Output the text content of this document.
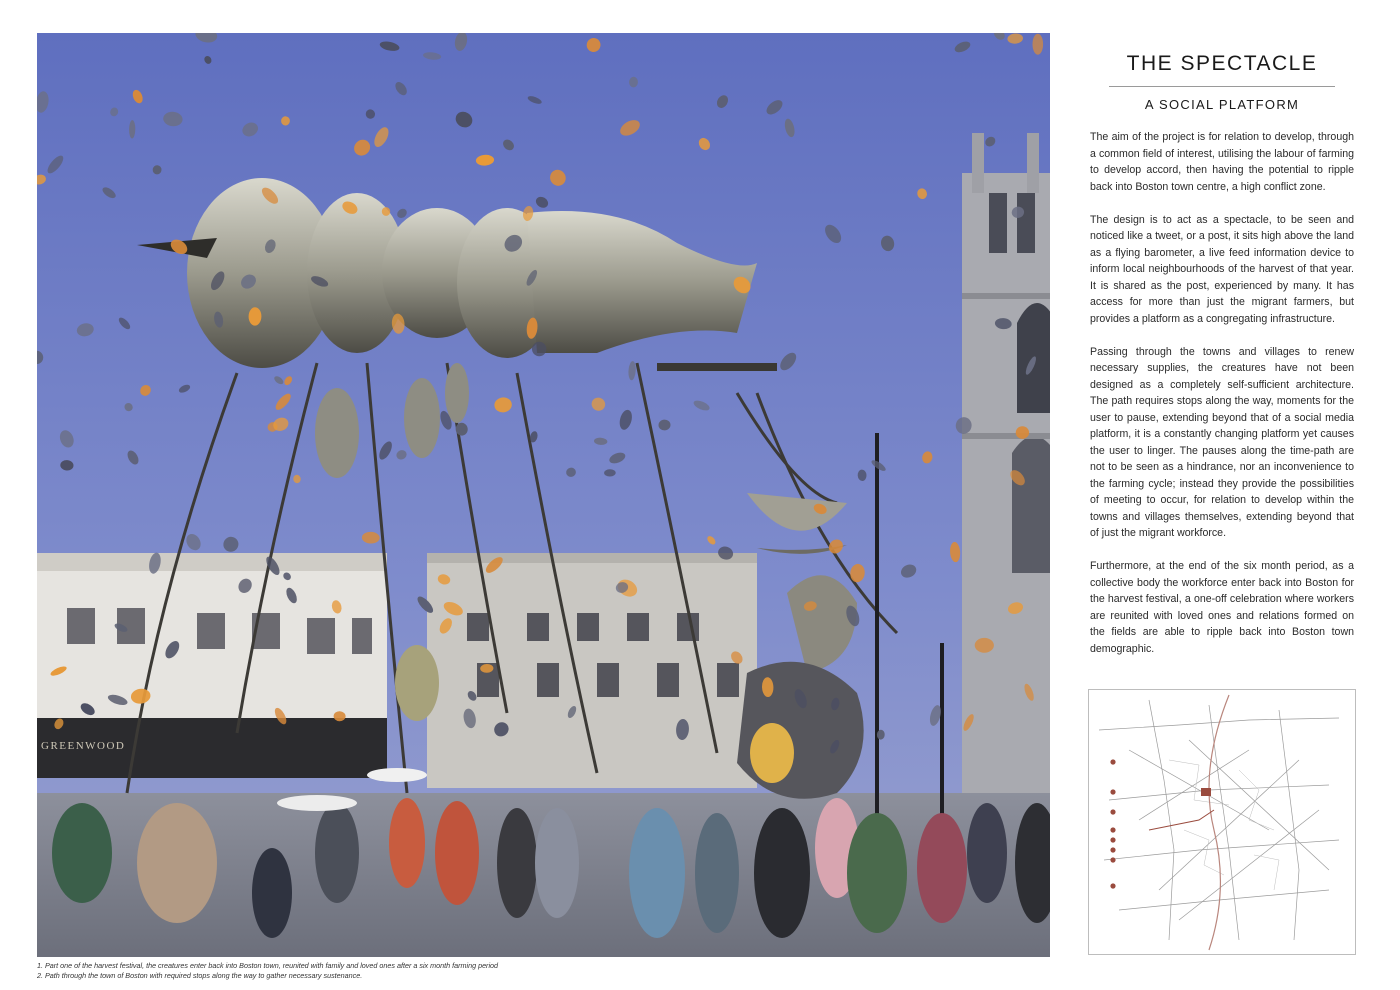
GREENWOOD
1. Part one of the harvest festival, the creatures enter back into Boston town, reunited with family and loved ones after a six month farming period
2. Path through the town of Boston with required stops along the way to gather necessary sustenance.
THE SPECTACLE
A SOCIAL PLATFORM

The aim of the project is for relation to develop, through a common field of interest, utilising the labour of farming to develop accord, then having the potential to ripple back into Boston town centre, a high conflict zone.

The design is to act as a spectacle, to be seen and noticed like a tweet, or a post, it sits high above the land as a flying barometer, a live feed information device to inform local neighbourhoods of the harvest of that year. It is shared as the post, experienced by many. It has access for more than just the migrant farmers, but provides a platform as a congregating infrastructure.

Passing through the towns and villages to renew necessary supplies, the creatures have not been designed as a completely self-sufficient architecture. The path requires stops along the way, moments for the user to pause, extending beyond that of a social media platform, it is a constantly changing platform yet causes the user to linger. The pauses along the time-path are not to be seen as a hindrance, nor an inconvenience to the farming cycle; instead they provide the possibilities of meeting to occur, for relation to develop within the towns and villages themselves, extending beyond that of just the migrant workforce.

Furthermore, at the end of the six month period, as a collective body the workforce enter back into Boston for the harvest festival, a one-off celebration where workers are reunited with loved ones and relations formed on the fields are able to ripple back into Boston town demographic.
